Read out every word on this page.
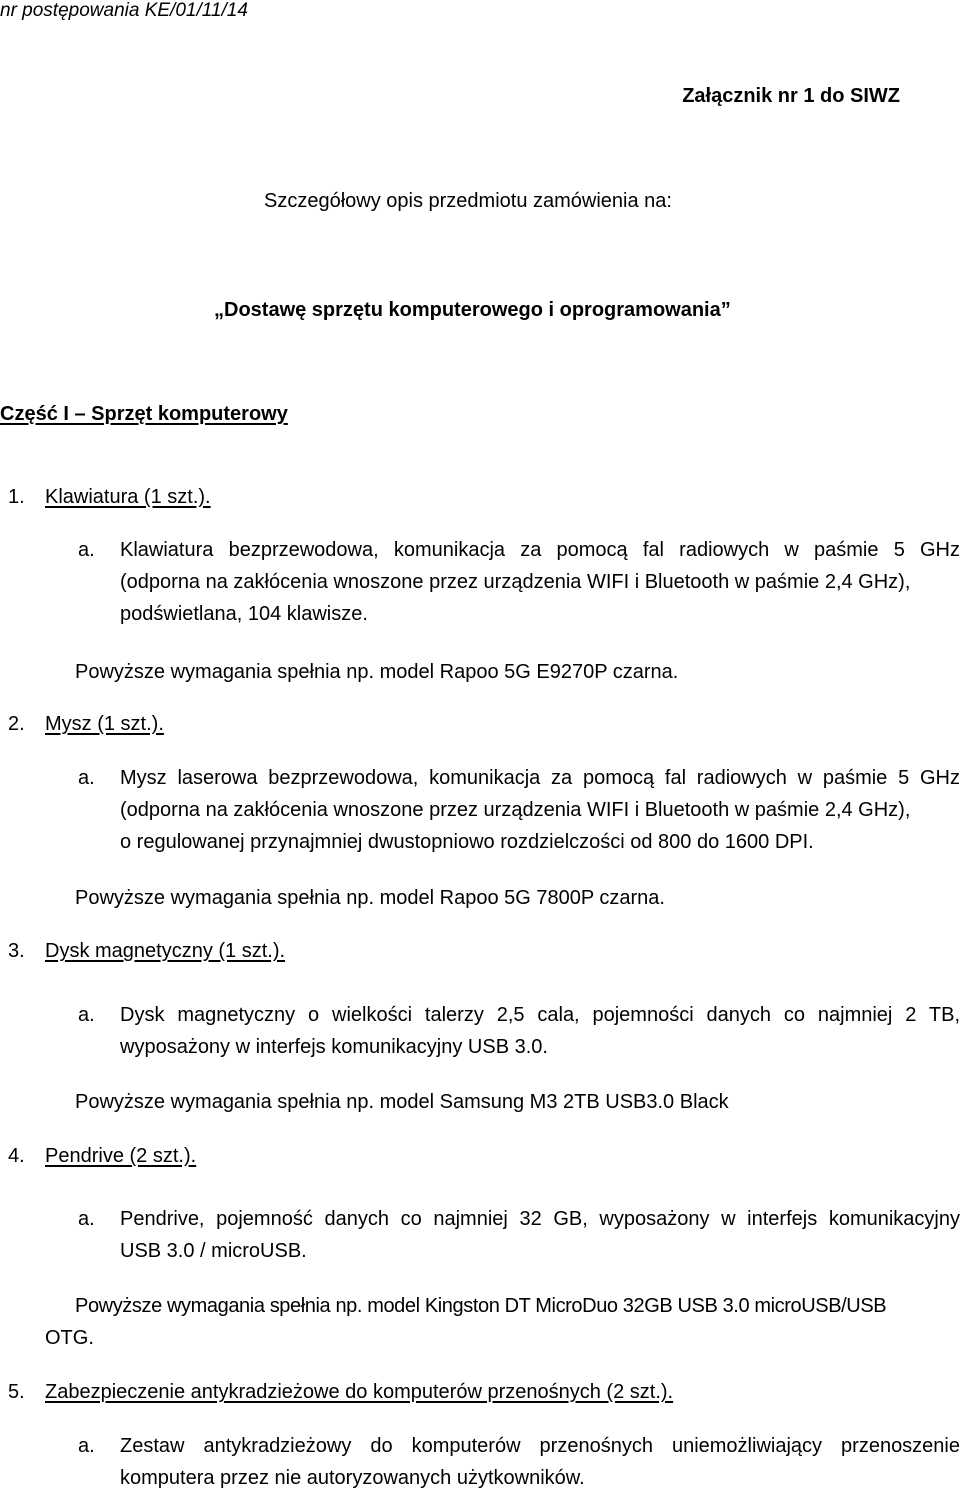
nr postępowania KE/01/11/14
Załącznik nr 1 do SIWZ
Szczegółowy opis przedmiotu zamówienia na:
„Dostawę sprzętu komputerowego i oprogramowania”
Część I – Sprzęt komputerowy
1. Klawiatura (1 szt.).
a. Klawiatura bezprzewodowa, komunikacja za pomocą fal radiowych w paśmie 5 GHz
(odporna na zakłócenia wnoszone przez urządzenia WIFI i Bluetooth w paśmie 2,4 GHz),
podświetlana, 104 klawisze.
Powyższe wymagania spełnia np. model Rapoo 5G E9270P czarna.
2. Mysz (1 szt.).
a. Mysz laserowa bezprzewodowa, komunikacja za pomocą fal radiowych w paśmie 5 GHz
(odporna na zakłócenia wnoszone przez urządzenia WIFI i Bluetooth w paśmie 2,4 GHz),
o regulowanej przynajmniej dwustopniowo rozdzielczości od 800 do 1600 DPI.
Powyższe wymagania spełnia np. model Rapoo 5G 7800P czarna.
3. Dysk magnetyczny (1 szt.).
a. Dysk magnetyczny o wielkości talerzy 2,5 cala, pojemności danych co najmniej 2 TB,
wyposażony w interfejs komunikacyjny USB 3.0.
Powyższe wymagania spełnia np. model Samsung M3 2TB USB3.0 Black
4. Pendrive (2 szt.).
a. Pendrive, pojemność danych co najmniej 32 GB, wyposażony w interfejs komunikacyjny
USB 3.0 / microUSB.
Powyższe wymagania spełnia np. model Kingston DT MicroDuo 32GB USB 3.0 microUSB/USB
OTG.
5. Zabezpieczenie antykradzieżowe do komputerów przenośnych (2 szt.).
a. Zestaw antykradzieżowy do komputerów przenośnych uniemożliwiający przenoszenie
komputera przez nie autoryzowanych użytkowników.
